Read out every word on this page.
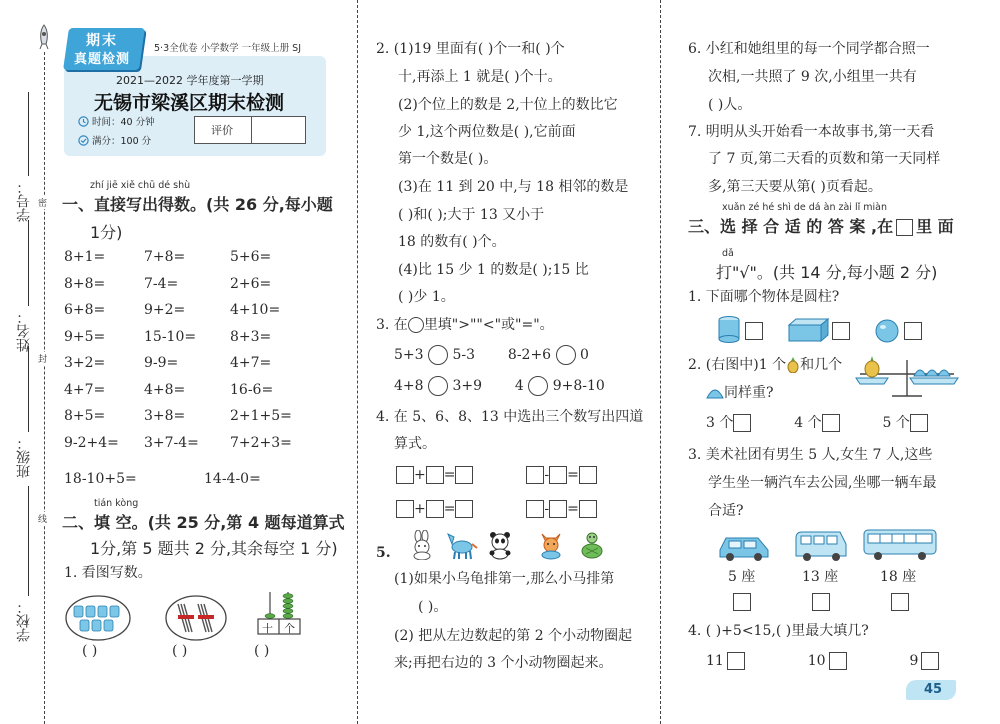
学号：
姓名：
班级：
学校：
密
封
线
期末
真题检测
5·3全优卷 小学数学 一年级上册 SJ
2021—2022 学年度第一学期
无锡市梁溪区期末检测
时间：40 分钟
满分：100 分
评价
zhí jiē xiě chū dé shù
一、直接写出得数。(共 26 分,每小题
1分)
8+1=	7+8=	5+6=
8+8=	7-4=	2+6=
6+8=	9+2=	4+10=
9+5=	15-10=	8+3=
3+2=	9-9=	4+7=
4+7=	4+8=	16-6=
8+5=	3+8=	2+1+5=
9-2+4=	3+7-4=	7+2+3=
18-10+5=	14-4-0=
tián kòng
二、填 空。(共 25 分,第 4 题每道算式
1分,第 5 题共 2 分,其余每空 1 分)
1. 看图写数。
十 个
( )	( )	( )
2. (1)19 里面有( )个一和( )个
十,再添上 1 就是( )个十。
(2)个位上的数是 2,十位上的数比它
少 1,这个两位数是( ),它前面
第一个数是( )。
(3)在 11 到 20 中,与 18 相邻的数是
( )和( );大于 13 又小于
18 的数有( )个。
(4)比 15 少 1 的数是( );15 比
( )少 1。
3. 在 里填">""<"或"="。
5+3 5-3 8-2+6 0
4+8 3+9 4 9+8-10
4. 在 5、6、8、13 中选出三个数写出四道
算式。
+ =	- =
+ =	- =
5.
(1)如果小乌龟排第一,那么小马排第
( )。
(2) 把从左边数起的第 2 个小动物圈起
来;再把右边的 3 个小动物圈起来。
6. 小红和她组里的每一个同学都合照一
次相,一共照了 9 次,小组里一共有
( )人。
7. 明明从头开始看一本故事书,第一天看
了 7 页,第二天看的页数和第一天同样
多,第三天要从第( )页看起。
xuǎn zé hé shì de dá àn zài lǐ miàn
三、选 择 合 适 的 答 案 ,在 里 面
dǎ
打"√"。(共 14 分,每小题 2 分)
1. 下面哪个物体是圆柱?
2. (右图中)1 个 和几个
同样重?
3 个	4 个	5 个
3. 美术社团有男生 5 人,女生 7 人,这些
学生坐一辆汽车去公园,坐哪一辆车最
合适?
5 座	13 座	18 座
4. ( )+5<15,( )里最大填几?
11	10	9
45
